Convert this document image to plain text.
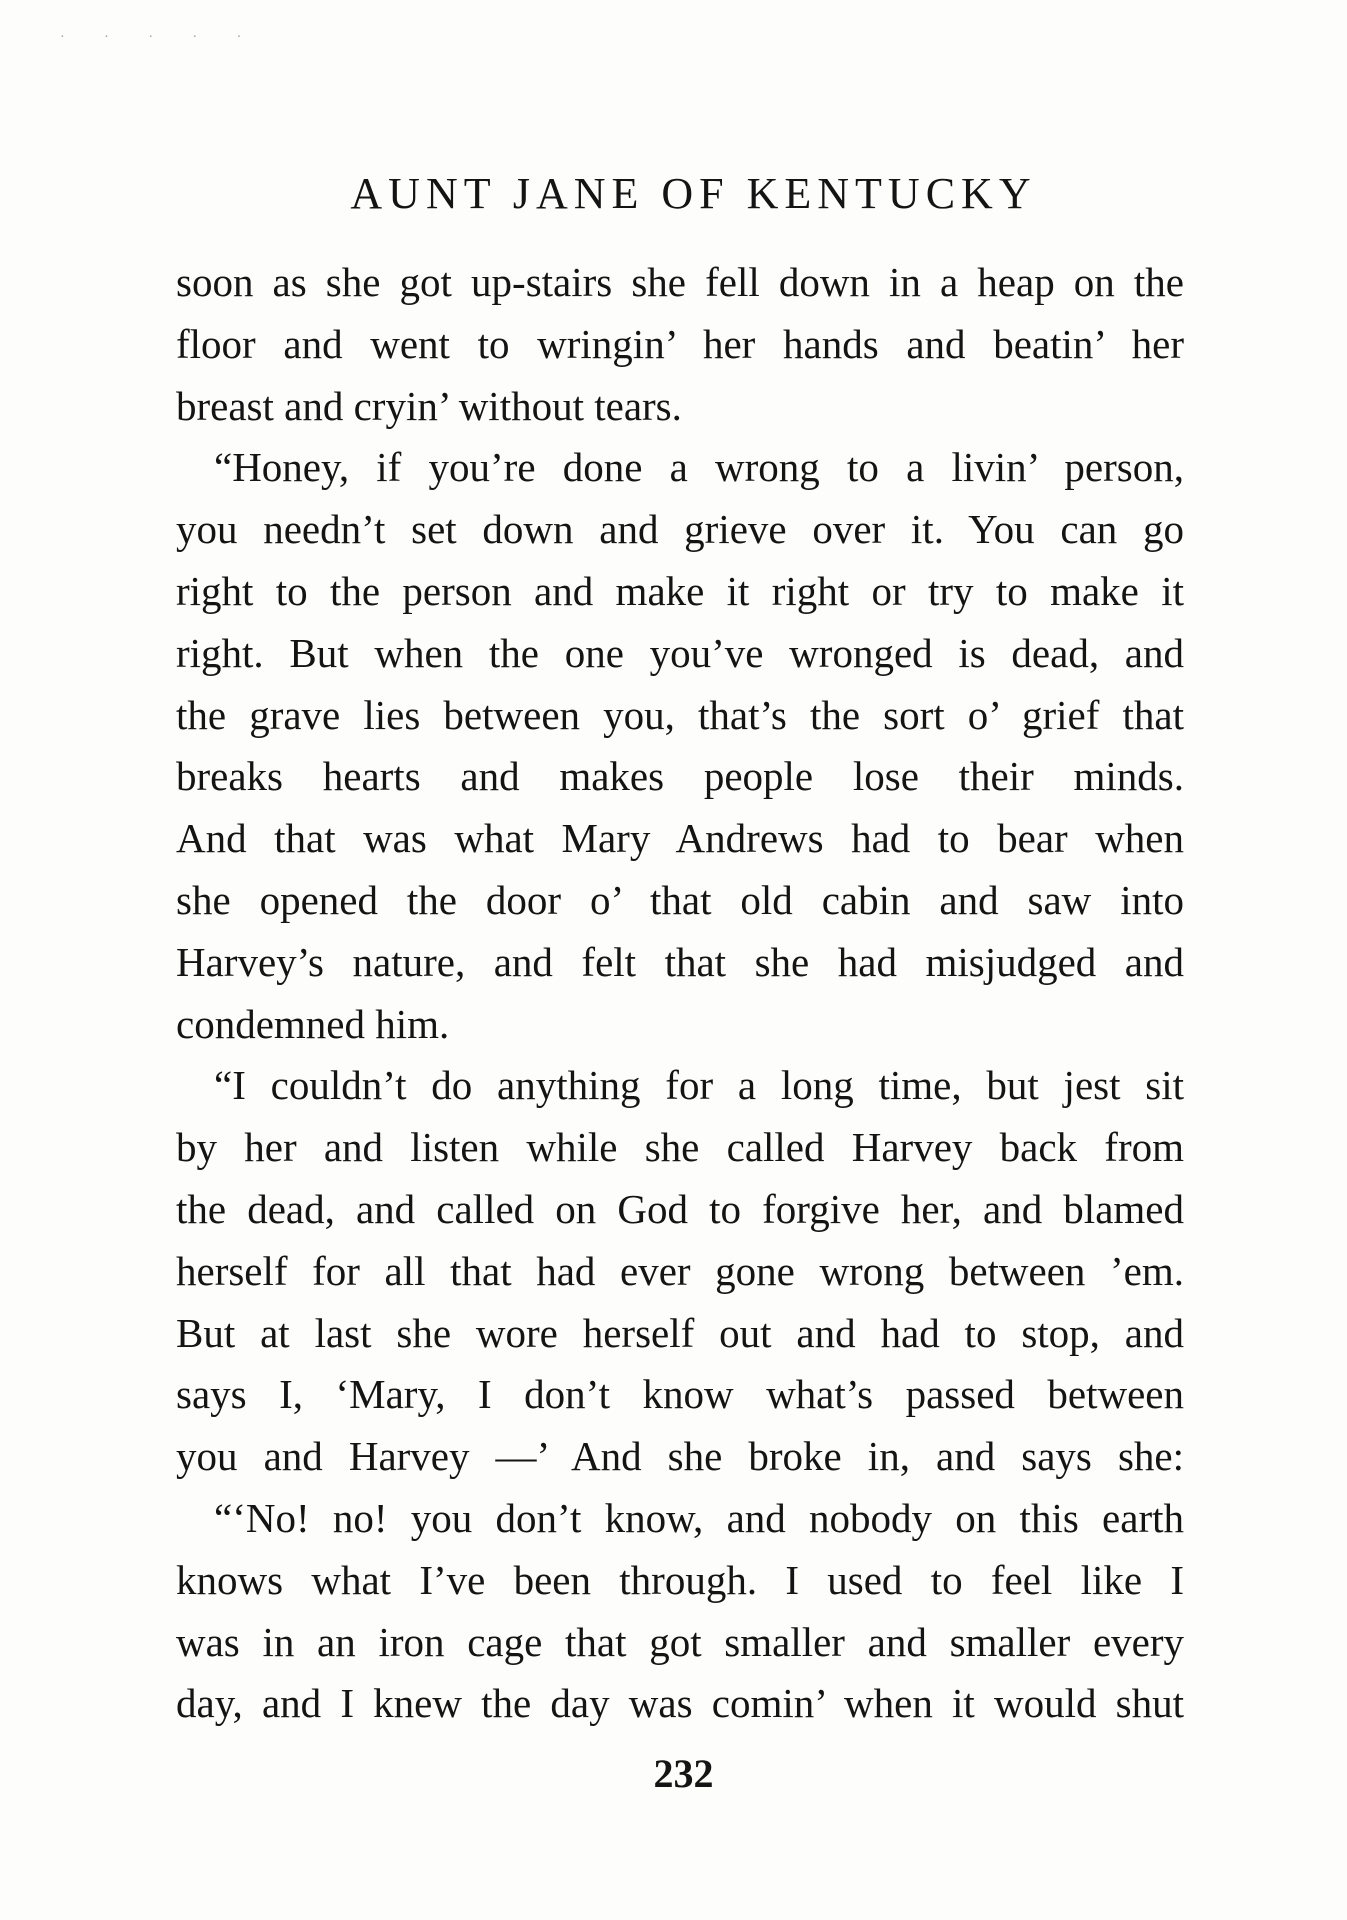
· · · · ·
AUNT JANE OF KENTUCKY
soon as she got up-stairs she fell down in a heap on the
floor and went to wringin’ her hands and beatin’ her
breast and cryin’ without tears.
“Honey, if you’re done a wrong to a livin’ person,
you needn’t set down and grieve over it. You can go
right to the person and make it right or try to make it
right. But when the one you’ve wronged is dead, and
the grave lies between you, that’s the sort o’ grief that
breaks hearts and makes people lose their minds.
And that was what Mary Andrews had to bear when
she opened the door o’ that old cabin and saw into
Harvey’s nature, and felt that she had misjudged and
condemned him.
“I couldn’t do anything for a long time, but jest sit
by her and listen while she called Harvey back from
the dead, and called on God to forgive her, and blamed
herself for all that had ever gone wrong between ’em.
But at last she wore herself out and had to stop, and
says I, ‘Mary, I don’t know what’s passed between
you and Harvey —’ And she broke in, and says she:
“‘No! no! you don’t know, and nobody on this earth
knows what I’ve been through. I used to feel like I
was in an iron cage that got smaller and smaller every
day, and I knew the day was comin’ when it would shut
232
